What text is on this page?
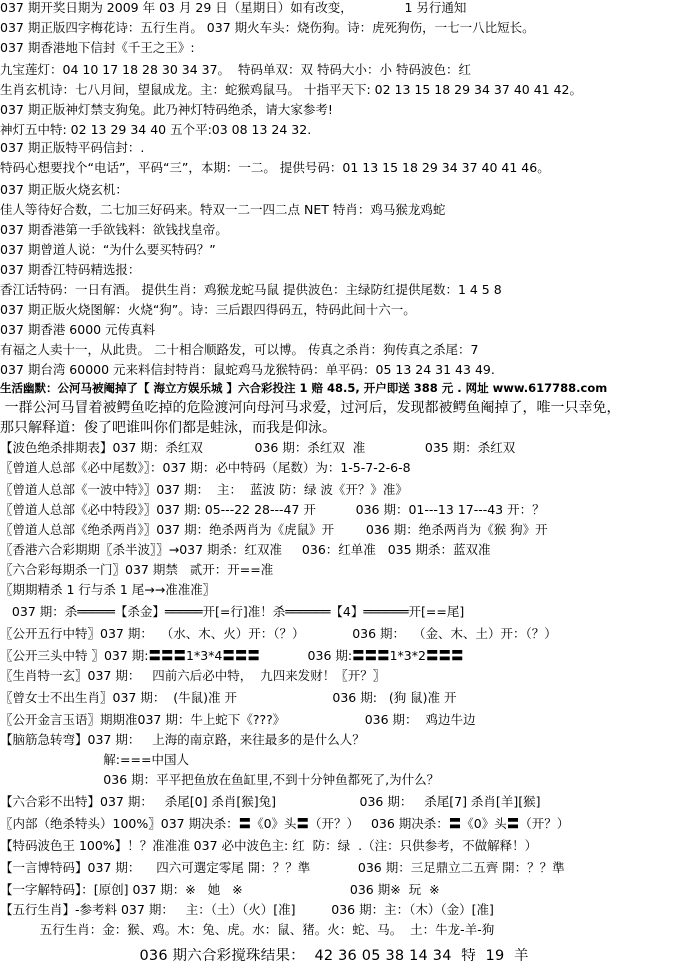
037 期开奖日期为 2009 年 03 月 29 日（星期日）如有改变，             1 另行通知
037 期正版四字梅花诗：五行生肖。 037 期火车头：烧伤狗。诗：虎死狗伤，一七一八比短长。
037 期香港地下信封《千王之王》:
九宝莲灯：04 10 17 18 28 30 34 37。  特码单双：双 特码大小：小 特码波色：红
生肖玄机诗：七八月间，望鼠成龙。主：蛇猴鸡鼠马。 十指平天下: 02 13 15 18 29 34 37 40 41 42。
037 期正版神灯禁支狗兔。此乃神灯特码绝杀，请大家参考!
神灯五中特: 02 13 29 34 40 五个平:03 08 13 24 32.
037 期正版特平码信封：.
特码心想要找个“电话”，平码“三”，本期：一二。 提供号码：01 13 15 18 29 34 37 40 41 46。
037 期正版火烧玄机：
佳人等待好合数，二七加三好码来。特双一二一四二点 NET 特肖：鸡马猴龙鸡蛇
037 期香港第一手欲钱料：欲钱找皇帝。
037 期曾道人说：“为什么要买特码？”
037 期香江特码精选报：
香江话特码：一日有酒。 提供生肖：鸡猴龙蛇马鼠 提供波色：主绿防红提供尾数：1 4 5 8
037 期正版火烧图解：火烧“狗”。诗：三后跟四得码五，特码此间十六一。
037 期香港 6000 元传真料
有福之人卖十一，从此贵。 二十相合顺路发，可以博。 传真之杀肖：狗传真之杀尾：7
037 期台湾 60000 元来料信封特肖：鼠蛇鸡马龙猴特码：单平码：05 13 24 31 43 49.
生活幽默：公河马被阉掉了【 海立方娱乐城 】六合彩投注 1 赔 48.5, 开户即送 388 元 . 网址 www.617788.com
一群公河马冒着被鳄鱼吃掉的危险渡河向母河马求爱，过河后，发现都被鳄鱼阉掉了，唯一只幸免，
那只解释道：俊了吧谁叫你们都是蛙泳，而我是仰泳。
【波色绝杀排期表】037 期：杀红双             036 期：杀红双  准               035 期：杀红双
〖曾道人总部《必中尾数》〗：037 期：必中特码（尾数）为：1-5-7-2-6-8
〖曾道人总部《一波中特》〗037 期：  主：  蓝波 防：绿 波《开？》准》
〖曾道人总部《必中特段》〗037 期: 05---22 28---47 开          036 期：01---13 17---43 开：？
〖曾道人总部《绝杀两肖》〗037 期：绝杀两肖为《虎鼠》开        036 期：绝杀两肖为《猴 狗》开
〖香港六合彩期期〖杀半波〗〗→037 期杀：红双准     036：红单准   035 期杀：蓝双准
〖六合彩每期杀一门〗037 期禁   贰开：开==准
〖期期精杀 1 行与杀 1 尾→→准准准〗
037 期：杀═════【杀金】═════开[=行]准！杀══════【4】══════开[==尾]
〖公开五行中特〗037 期：  （水、木、火）开：（？）            036 期：  （金、木、土）开：（？）
〖公开三头中特 〗037 期:〓〓〓1*3*4〓〓〓            036 期:〓〓〓1*3*2〓〓〓
〖生肖特一玄〗037 期：   四前六后必中特，  九四来发财！〖开？〗
〖曾女士不出生肖〗037 期：  (牛鼠)准 开                        036 期:   (狗 鼠)准 开
〖公开金言玉语〗期期准037 期：牛上蛇下《???》                    036 期：  鸡边牛边
【脑筋急转弯】037 期：   上海的南京路，来往最多的是什么人？
解:===中国人
036 期：平平把鱼放在鱼缸里,不到十分钟鱼都死了,为什么？
【六合彩不出特】037 期：   杀尾[0] 杀肖[猴]兔]                     036 期：   杀尾[7] 杀肖[羊][猴]
〖内部（绝杀特头）100%〗037 期决杀：〓《0》头〓（开？）   036 期决杀：〓《0》头〓（开？）
【特码波色王 100%】！？准准准 037 必中波色主: 红  防：绿  .（注：只供参考，不做解释！）
【一言博特码】037 期：    四六可選定零尾 開：？？準            036 期：三足鼎立二五齊 開：？？準
【一字解特码】：[原创] 037 期：※   她   ※                           036 期※  玩  ※
【五行生肖】-参考料 037 期：   主：（土）（火）[准]         036 期：主：（木）（金）[准]
五行生肖：金：猴、鸡。木：兔、虎。水：鼠、猪。火：蛇、马。  土：牛龙-羊-狗
036 期六合彩搅珠结果：  42 36 05 38 14 34  特  19  羊
